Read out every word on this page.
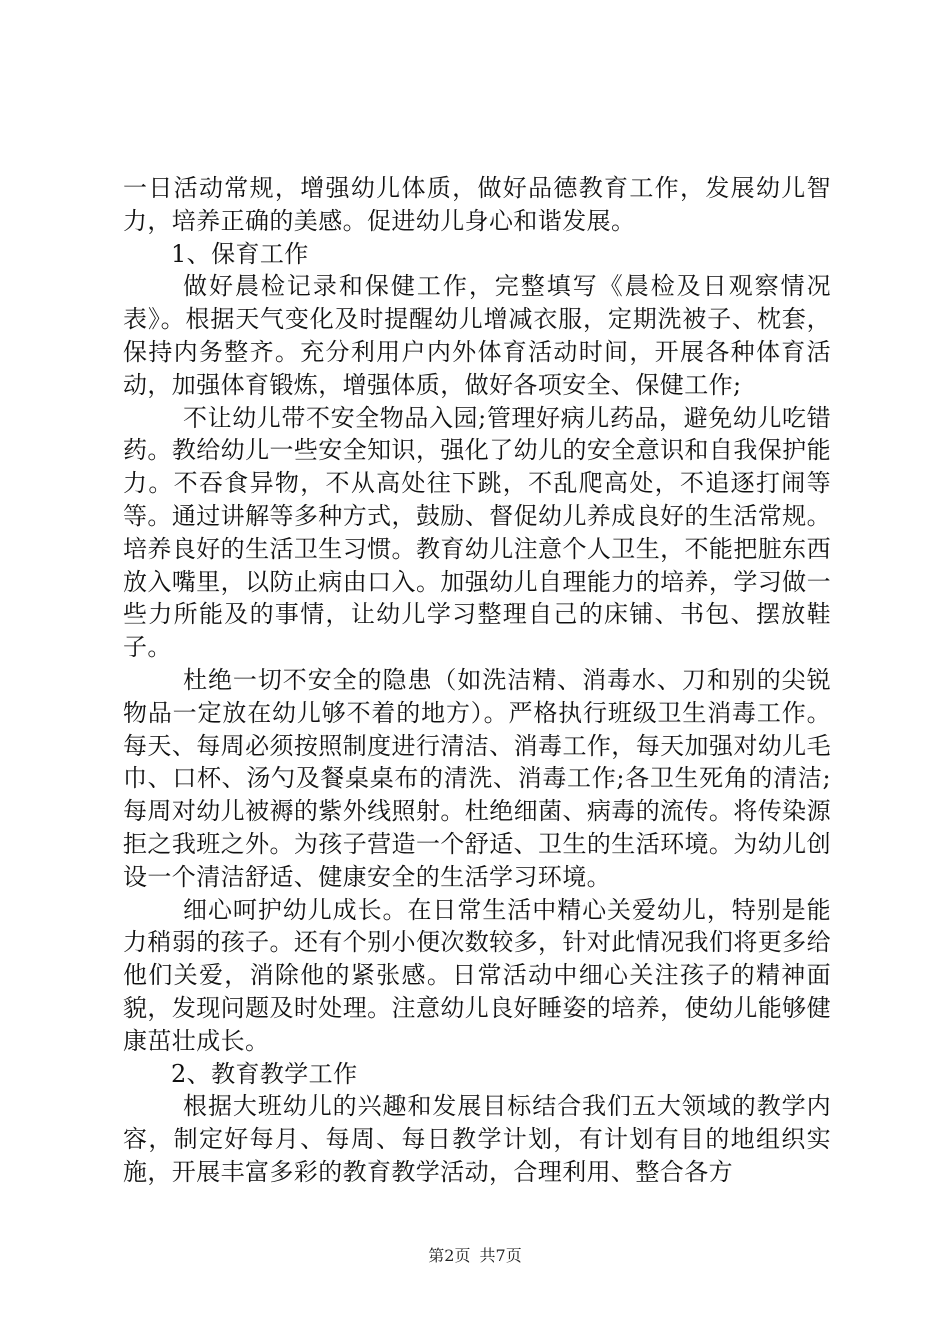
一日活动常规，增强幼儿体质，做好品德教育工作，发展幼儿智力，培养正确的美感。促进幼儿身心和谐发展。

1、保育工作

做好晨检记录和保健工作，完整填写《晨检及日观察情况表》。根据天气变化及时提醒幼儿增减衣服，定期洗被子、枕套，保持内务整齐。充分利用户内外体育活动时间，开展各种体育活动，加强体育锻炼，增强体质，做好各项安全、保健工作;

不让幼儿带不安全物品入园;管理好病儿药品，避免幼儿吃错药。教给幼儿一些安全知识，强化了幼儿的安全意识和自我保护能力。不吞食异物，不从高处往下跳，不乱爬高处，不追逐打闹等等。通过讲解等多种方式，鼓励、督促幼儿养成良好的生活常规。培养良好的生活卫生习惯。教育幼儿注意个人卫生，不能把脏东西放入嘴里，以防止病由口入。加强幼儿自理能力的培养，学习做一些力所能及的事情，让幼儿学习整理自己的床铺、书包、摆放鞋子。

杜绝一切不安全的隐患（如洗洁精、消毒水、刀和别的尖锐物品一定放在幼儿够不着的地方）。严格执行班级卫生消毒工作。每天、每周必须按照制度进行清洁、消毒工作，每天加强对幼儿毛巾、口杯、汤勺及餐桌桌布的清洗、消毒工作;各卫生死角的清洁;每周对幼儿被褥的紫外线照射。杜绝细菌、病毒的流传。将传染源拒之我班之外。为孩子营造一个舒适、卫生的生活环境。为幼儿创设一个清洁舒适、健康安全的生活学习环境。

细心呵护幼儿成长。在日常生活中精心关爱幼儿，特别是能力稍弱的孩子。还有个别小便次数较多，针对此情况我们将更多给他们关爱，消除他的紧张感。日常活动中细心关注孩子的精神面貌，发现问题及时处理。注意幼儿良好睡姿的培养，使幼儿能够健康茁壮成长。

2、教育教学工作

根据大班幼儿的兴趣和发展目标结合我们五大领域的教学内容，制定好每月、每周、每日教学计划，有计划有目的地组织实施，开展丰富多彩的教育教学活动，合理利用、整合各方

第2页 共7页
